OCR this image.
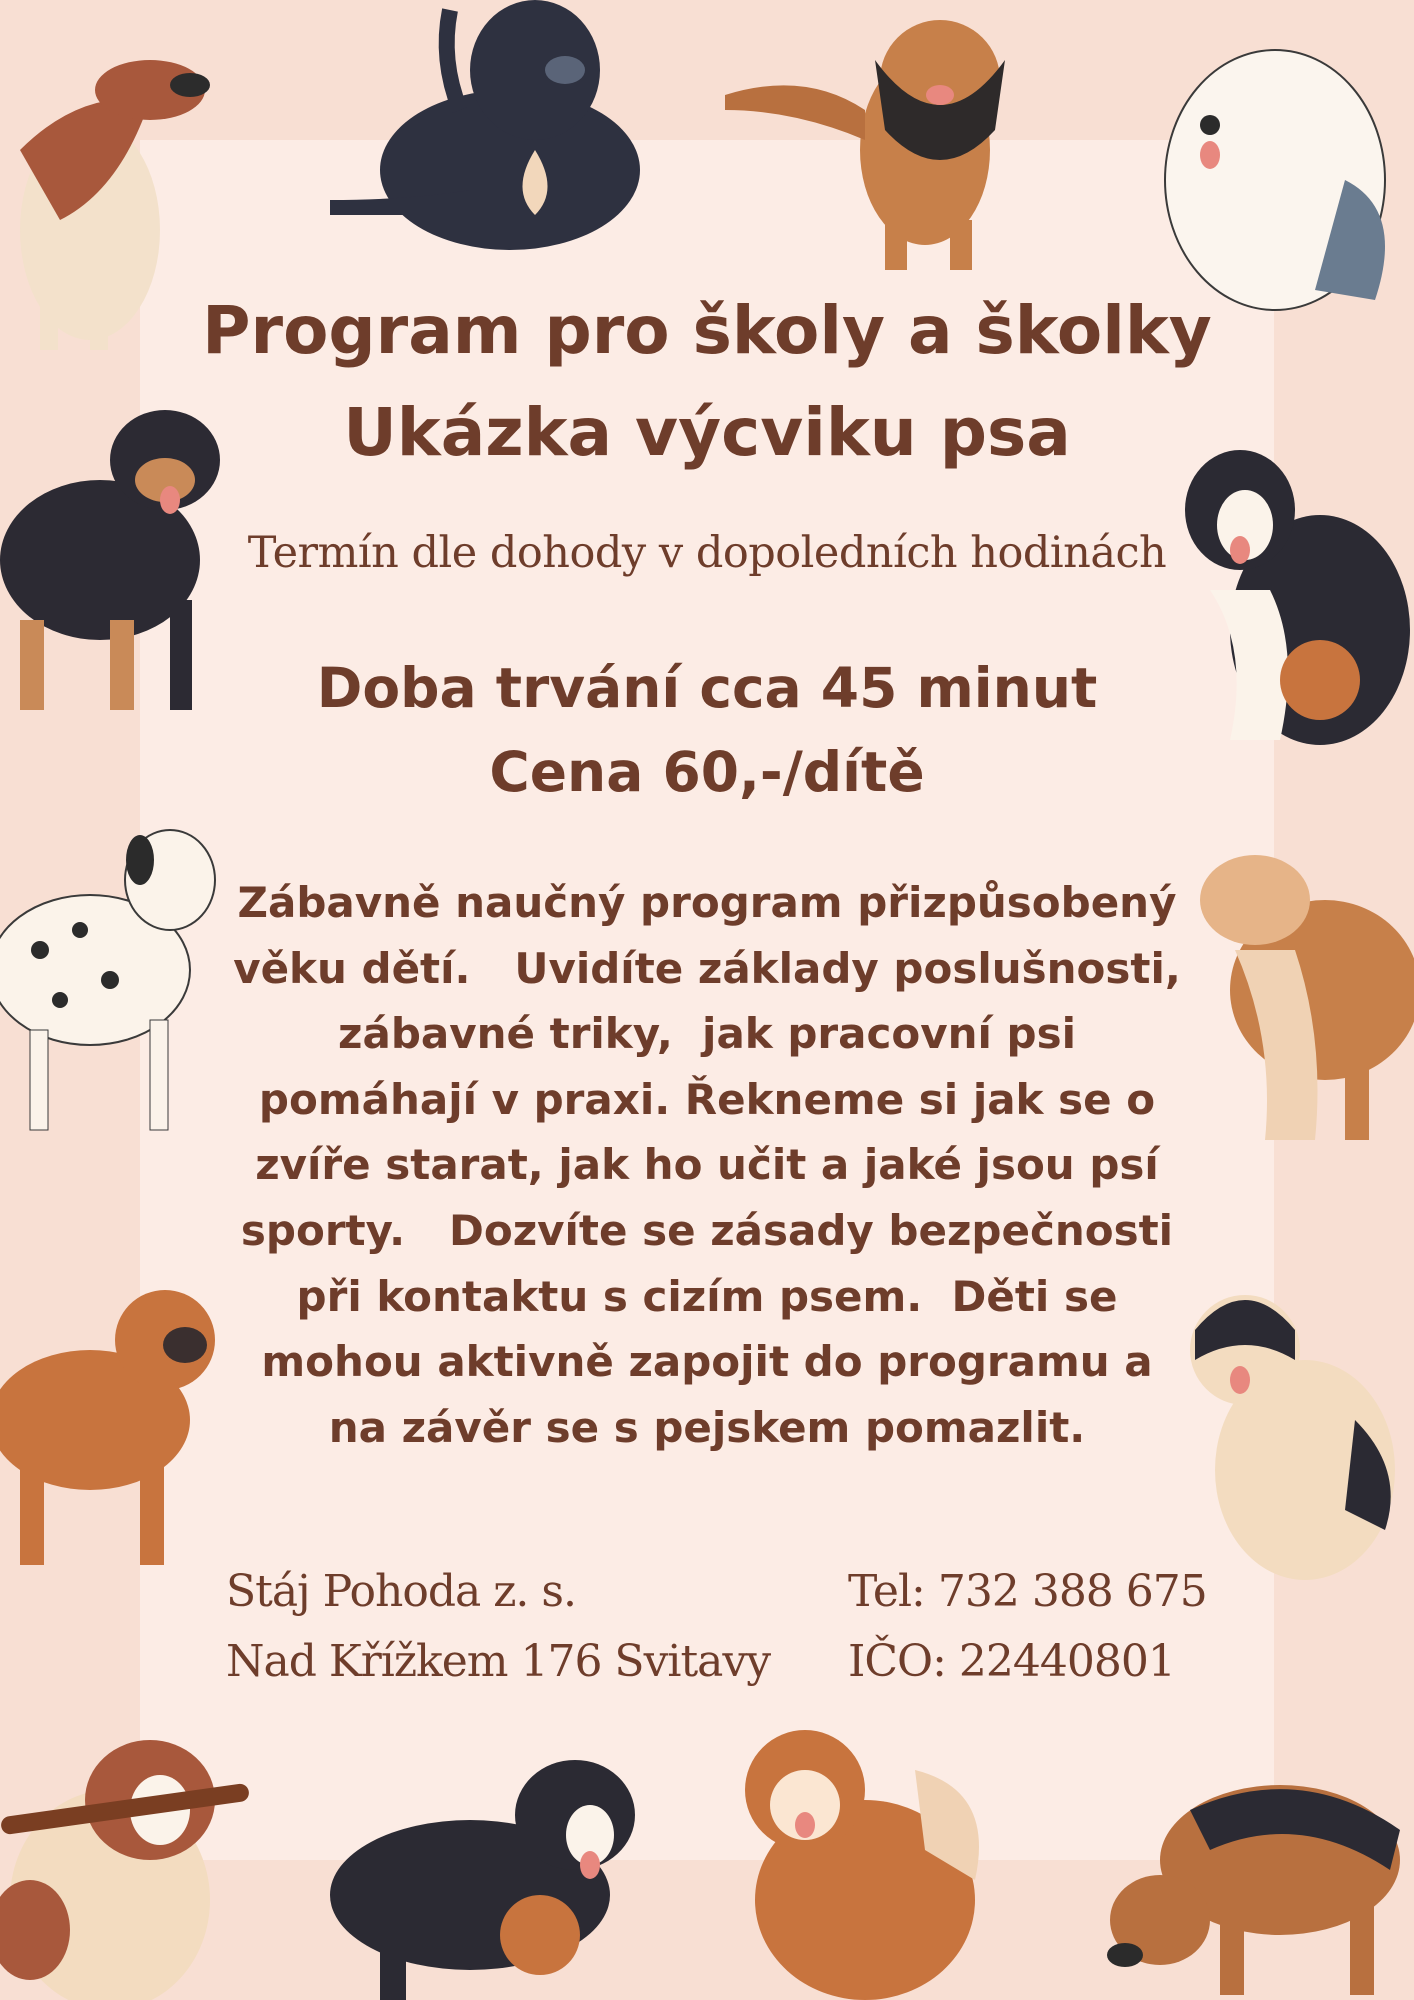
Program pro školy a školky
Ukázka výcviku psa
Termín dle dohody v dopoledních hodinách
Doba trvání cca 45 minut
Cena 60,-/dítě
Zábavně naučný program přizpůsobený
věku dětí.   Uvidíte základy poslušnosti,
zábavné triky,  jak pracovní psi
pomáhají v praxi. Řekneme si jak se o
zvíře starat, jak ho učit a jaké jsou psí
sporty.   Dozvíte se zásady bezpečnosti
při kontaktu s cizím psem.  Děti se
mohou aktivně zapojit do programu a
na závěr se s pejskem pomazlit.
Stáj Pohoda z. s.
Nad Křížkem 176 Svitavy
Tel: 732 388 675
IČO: 22440801
